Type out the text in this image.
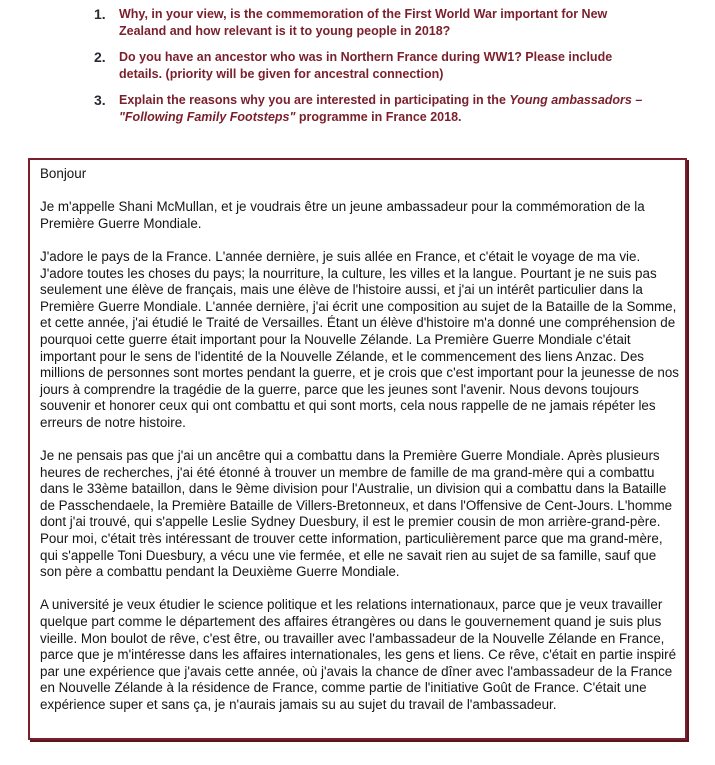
1. Why, in your view, is the commemoration of the First World War important for New Zealand and how relevant is it to young people in 2018?
2. Do you have an ancestor who was in Northern France during WW1? Please include details. (priority will be given for ancestral connection)
3. Explain the reasons why you are interested in participating in the Young ambassadors – "Following Family Footsteps" programme in France 2018.

Bonjour

Je m'appelle Shani McMullan, et je voudrais être un jeune ambassadeur pour la commémoration de la Première Guerre Mondiale.

J'adore le pays de la France. L'année dernière, je suis allée en France, et c'était le voyage de ma vie. J'adore toutes les choses du pays; la nourriture, la culture, les villes et la langue. Pourtant je ne suis pas seulement une élève de français, mais une élève de l'histoire aussi, et j'ai un intérêt particulier dans la Première Guerre Mondiale. L'année dernière, j'ai écrit une composition au sujet de la Bataille de la Somme, et cette année, j'ai étudié le Traité de Versailles. Étant un élève d'histoire m'a donné une compréhension de pourquoi cette guerre était important pour la Nouvelle Zélande. La Première Guerre Mondiale c'était important pour le sens de l'identité de la Nouvelle Zélande, et le commencement des liens Anzac. Des millions de personnes sont mortes pendant la guerre, et je crois que c'est important pour la jeunesse de nos jours à comprendre la tragédie de la guerre, parce que les jeunes sont l'avenir. Nous devons toujours souvenir et honorer ceux qui ont combattu et qui sont morts, cela nous rappelle de ne jamais répéter les erreurs de notre histoire.

Je ne pensais pas que j'ai un ancêtre qui a combattu dans la Première Guerre Mondiale. Après plusieurs heures de recherches, j'ai été étonné à trouver un membre de famille de ma grand-mère qui a combattu dans le 33ème bataillon, dans le 9ème division pour l'Australie, un division qui a combattu dans la Bataille de Passchendaele, la Première Bataille de Villers-Bretonneux, et dans l'Offensive de Cent-Jours. L'homme dont j'ai trouvé, qui s'appelle Leslie Sydney Duesbury, il est le premier cousin de mon arrière-grand-père. Pour moi, c'était très intéressant de trouver cette information, particulièrement parce que ma grand-mère, qui s'appelle Toni Duesbury, a vécu une vie fermée, et elle ne savait rien au sujet de sa famille, sauf que son père a combattu pendant la Deuxième Guerre Mondiale.

A université je veux étudier le science politique et les relations internationaux, parce que je veux travailler quelque part comme le département des affaires étrangères ou dans le gouvernement quand je suis plus vieille. Mon boulot de rêve, c'est être, ou travailler avec l'ambassadeur de la Nouvelle Zélande en France, parce que je m'intéresse dans les affaires internationales, les gens et liens. Ce rêve, c'était en partie inspiré par une expérience que j'avais cette année, où j'avais la chance de dîner avec l'ambassadeur de la France en Nouvelle Zélande à la résidence de France, comme partie de l'initiative Goût de France. C'était une expérience super et sans ça, je n'aurais jamais su au sujet du travail de l'ambassadeur.
